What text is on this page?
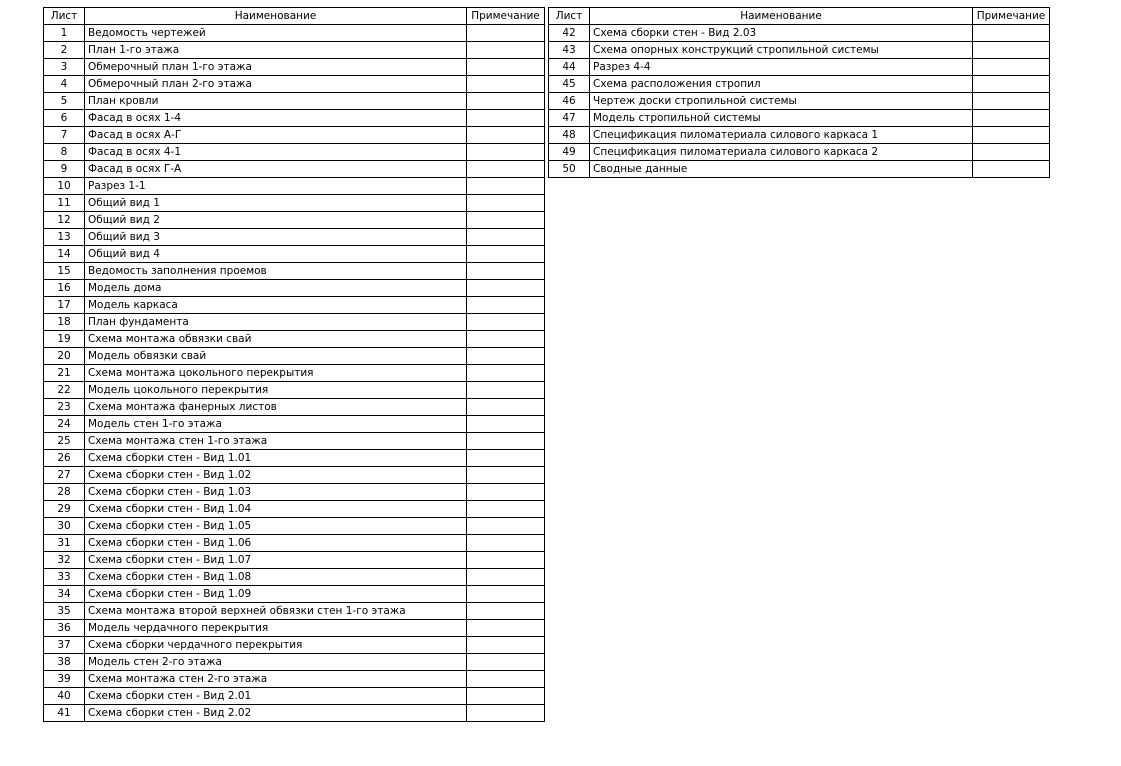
Лист	Наименование	Примечание
1	Ведомость чертежей	
2	План 1-го этажа	
3	Обмерочный план 1-го этажа	
4	Обмерочный план 2-го этажа	
5	План кровли	
6	Фасад в осях 1-4	
7	Фасад в осях А-Г	
8	Фасад в осях 4-1	
9	Фасад в осях Г-А	
10	Разрез 1-1	
11	Общий вид 1	
12	Общий вид 2	
13	Общий вид 3	
14	Общий вид 4	
15	Ведомость заполнения проемов	
16	Модель дома	
17	Модель каркаса	
18	План фундамента	
19	Схема монтажа обвязки свай	
20	Модель обвязки свай	
21	Схема монтажа цокольного перекрытия	
22	Модель цокольного перекрытия	
23	Схема монтажа фанерных листов	
24	Модель стен 1-го этажа	
25	Схема монтажа стен 1-го этажа	
26	Схема сборки стен - Вид 1.01	
27	Схема сборки стен - Вид 1.02	
28	Схема сборки стен - Вид 1.03	
29	Схема сборки стен - Вид 1.04	
30	Схема сборки стен - Вид 1.05	
31	Схема сборки стен - Вид 1.06	
32	Схема сборки стен - Вид 1.07	
33	Схема сборки стен - Вид 1.08	
34	Схема сборки стен - Вид 1.09	
35	Схема монтажа второй верхней обвязки стен 1-го этажа	
36	Модель чердачного перекрытия	
37	Схема сборки чердачного перекрытия	
38	Модель стен 2-го этажа	
39	Схема монтажа стен 2-го этажа	
40	Схема сборки стен - Вид 2.01	
41	Схема сборки стен - Вид 2.02	
Лист	Наименование	Примечание
42	Схема сборки стен - Вид 2.03	
43	Схема опорных конструкций стропильной системы	
44	Разрез 4-4	
45	Схема расположения стропил	
46	Чертеж доски стропильной системы	
47	Модель стропильной системы	
48	Спецификация пиломатериала силового каркаса 1	
49	Спецификация пиломатериала силового каркаса 2	
50	Сводные данные	
